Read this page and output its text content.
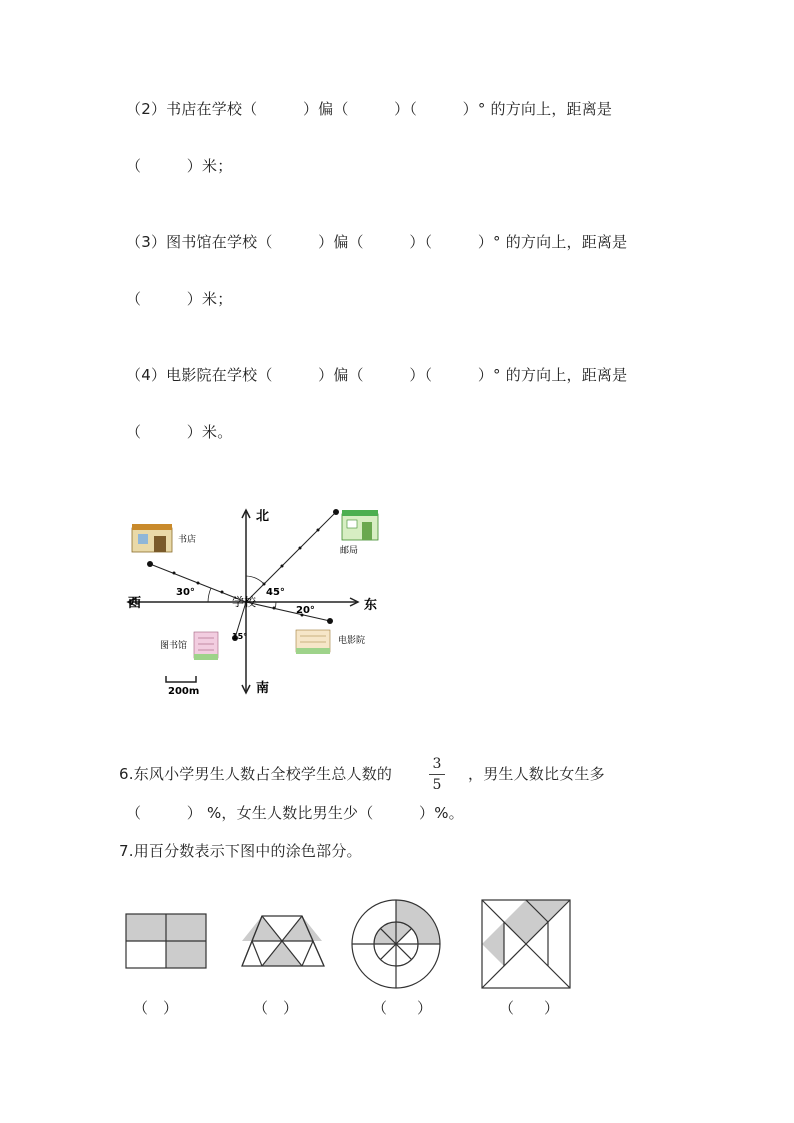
（2）书店在学校（　　　）偏（　　　）（　　　）° 的方向上，距离是
（　　　）米；
（3）图书馆在学校（　　　）偏（　　　）（　　　）° 的方向上，距离是
（　　　）米；
（4）电影院在学校（　　　）偏（　　　）（　　　）° 的方向上，距离是
（　　　）米。
北
南
东
西	学校
书店
邮局
图书馆	电影院
30°	45°
20°
15°
200m
6.东风小学男生人数占全校学生总人数的
3
5
，男生人数比女生多
（　　　） %，女生人数比男生少（　　　）%。
7.用百分数表示下图中的涂色部分。
（　）	（　）	（　　）	（　　）
